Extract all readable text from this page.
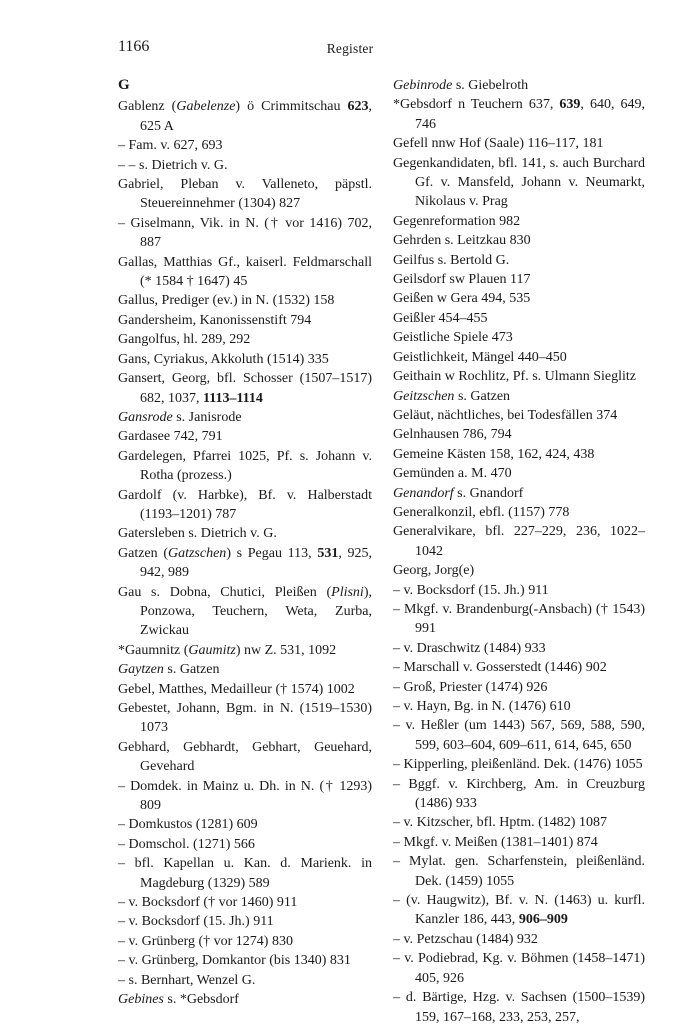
1166	Register
G
Gablenz (Gabelenze) ö Crimmitschau 623, 625 A
– Fam. v. 627, 693
– – s. Dietrich v. G.
Gabriel, Pleban v. Valleneto, päpstl. Steuereinnehmer (1304) 827
– Giselmann, Vik. in N. († vor 1416) 702, 887
Gallas, Matthias Gf., kaiserl. Feldmarschall (* 1584 † 1647) 45
Gallus, Prediger (ev.) in N. (1532) 158
Gandersheim, Kanonissenstift 794
Gangolfus, hl. 289, 292
Gans, Cyriakus, Akkoluth (1514) 335
Gansert, Georg, bfl. Schosser (1507–1517) 682, 1037, 1113–1114
Gansrode s. Janisrode
Gardasee 742, 791
Gardelegen, Pfarrei 1025, Pf. s. Johann v. Rotha (prozess.)
Gardolf (v. Harbke), Bf. v. Halberstadt (1193–1201) 787
Gatersleben s. Dietrich v. G.
Gatzen (Gatzschen) s Pegau 113, 531, 925, 942, 989
Gau s. Dobna, Chutici, Pleißen (Plisni), Ponzowa, Teuchern, Weta, Zurba, Zwickau
*Gaumnitz (Gaumitz) nw Z. 531, 1092
Gaytzen s. Gatzen
Gebel, Matthes, Medailleur († 1574) 1002
Gebestet, Johann, Bgm. in N. (1519–1530) 1073
Gebhard, Gebhardt, Gebhart, Geuehard, Gevehard
– Domdek. in Mainz u. Dh. in N. († 1293) 809
– Domkustos (1281) 609
– Domschol. (1271) 566
– bfl. Kapellan u. Kan. d. Marienk. in Magdeburg (1329) 589
– v. Bocksdorf († vor 1460) 911
– v. Bocksdorf (15. Jh.) 911
– v. Grünberg († vor 1274) 830
– v. Grünberg, Domkantor (bis 1340) 831
– s. Bernhart, Wenzel G.
Gebines s. *Gebsdorf
Gebinrode s. Giebelroth
*Gebsdorf n Teuchern 637, 639, 640, 649, 746
Gefell nnw Hof (Saale) 116–117, 181
Gegenkandidaten, bfl. 141, s. auch Burchard Gf. v. Mansfeld, Johann v. Neumarkt, Nikolaus v. Prag
Gegenreformation 982
Gehrden s. Leitzkau 830
Geilfus s. Bertold G.
Geilsdorf sw Plauen 117
Geißen w Gera 494, 535
Geißler 454–455
Geistliche Spiele 473
Geistlichkeit, Mängel 440–450
Geithain w Rochlitz, Pf. s. Ulmann Sieglitz
Geitzschen s. Gatzen
Geläut, nächtliches, bei Todesfällen 374
Gelnhausen 786, 794
Gemeine Kästen 158, 162, 424, 438
Gemünden a. M. 470
Genandorf s. Gnandorf
Generalkonzil, ebfl. (1157) 778
Generalvikare, bfl. 227–229, 236, 1022–1042
Georg, Jorg(e)
– v. Bocksdorf (15. Jh.) 911
– Mkgf. v. Brandenburg(-Ansbach) († 1543) 991
– v. Draschwitz (1484) 933
– Marschall v. Gosserstedt (1446) 902
– Groß, Priester (1474) 926
– v. Hayn, Bg. in N. (1476) 610
– v. Heßler (um 1443) 567, 569, 588, 590, 599, 603–604, 609–611, 614, 645, 650
– Kipperling, pleißenländ. Dek. (1476) 1055
– Bggf. v. Kirchberg, Am. in Creuzburg (1486) 933
– v. Kitzscher, bfl. Hptm. (1482) 1087
– Mkgf. v. Meißen (1381–1401) 874
– Mylat. gen. Scharfenstein, pleißenländ. Dek. (1459) 1055
– (v. Haugwitz), Bf. v. N. (1463) u. kurfl. Kanzler 186, 443, 906–909
– v. Petzschau (1484) 932
– v. Podiebrad, Kg. v. Böhmen (1458–1471) 405, 926
– d. Bärtige, Hzg. v. Sachsen (1500–1539) 159, 167–168, 233, 253, 257,
